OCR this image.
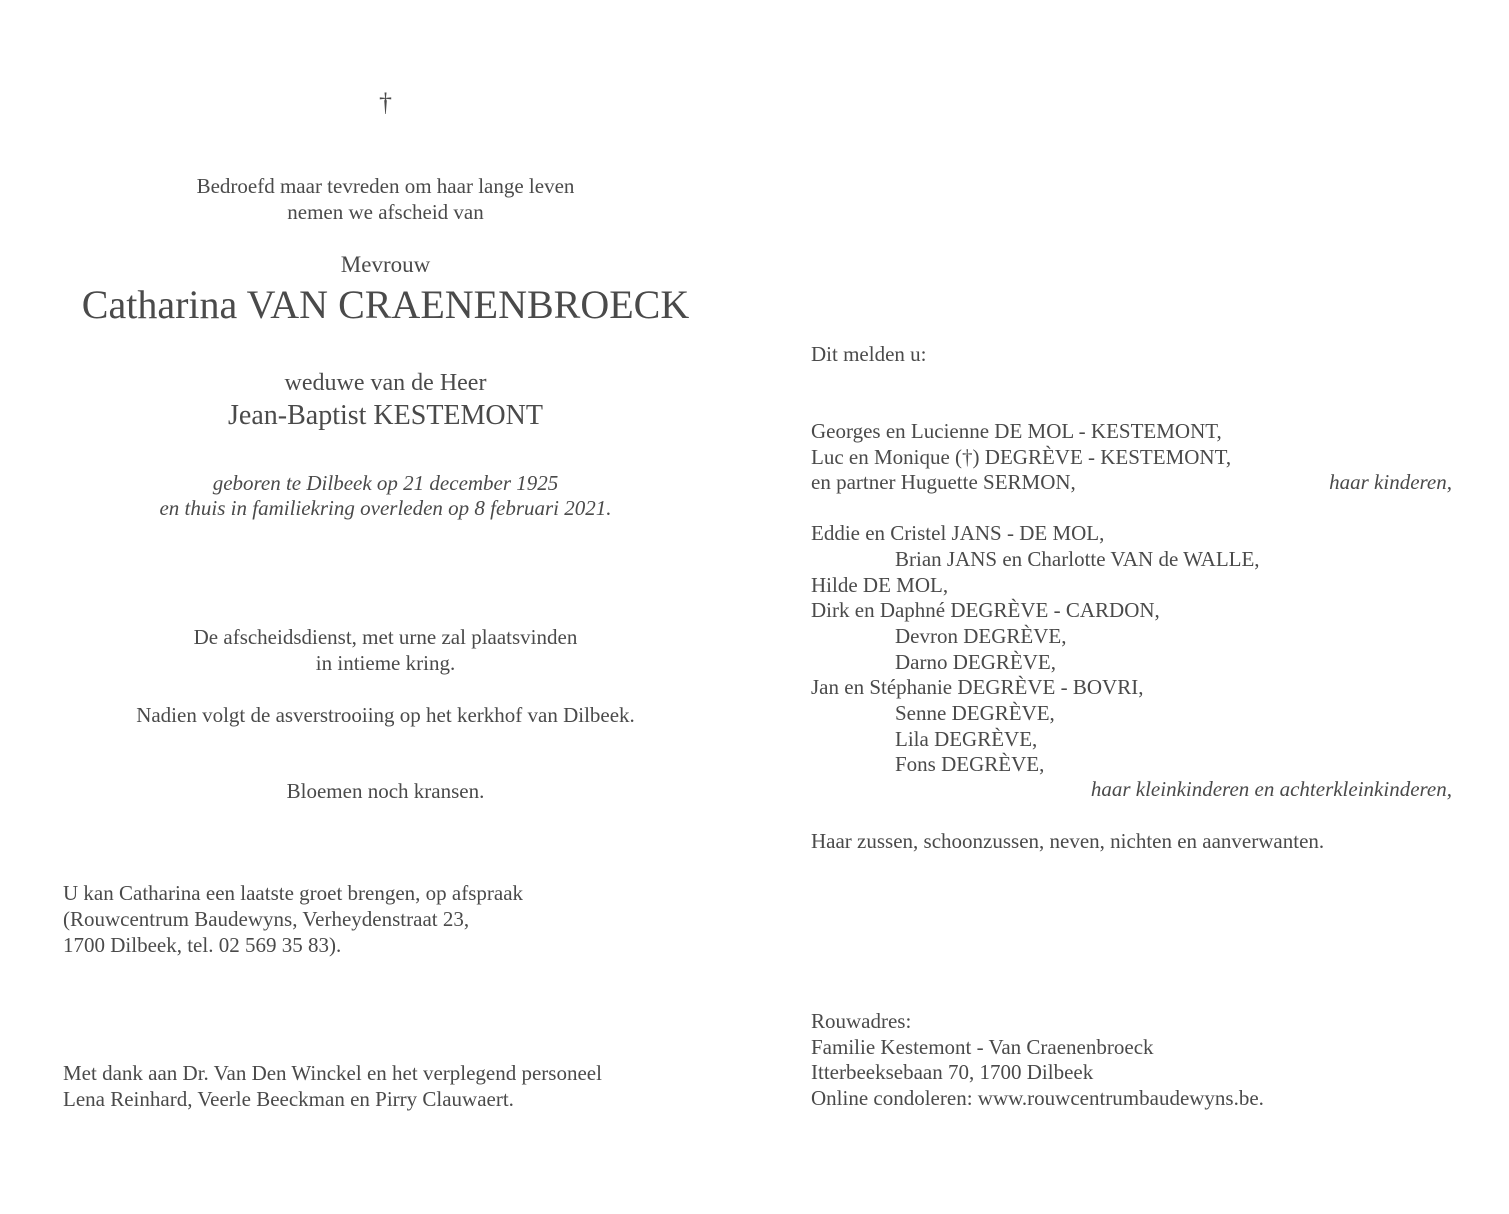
†
Bedroefd maar tevreden om haar lange leven
nemen we afscheid van
Mevrouw
Catharina VAN CRAENENBROECK
weduwe van de Heer
Jean-Baptist KESTEMONT
geboren te Dilbeek op 21 december 1925
en thuis in familiekring overleden op 8 februari 2021.
De afscheidsdienst, met urne zal plaatsvinden
in intieme kring.
Nadien volgt de asverstrooiing op het kerkhof van Dilbeek.
Bloemen noch kransen.
U kan Catharina een laatste groet brengen, op afspraak
(Rouwcentrum Baudewyns, Verheydenstraat 23,
1700 Dilbeek, tel. 02 569 35 83).
Met dank aan Dr. Van Den Winckel en het verplegend personeel
Lena Reinhard, Veerle Beeckman en Pirry Clauwaert.
Dit melden u:
Georges en Lucienne DE MOL - KESTEMONT,
Luc en Monique (†) DEGRÈVE - KESTEMONT,
en partner Huguette SERMON,	haar kinderen,
Eddie en Cristel JANS - DE MOL,
Brian JANS en Charlotte VAN de WALLE,
Hilde DE MOL,
Dirk en Daphné DEGRÈVE - CARDON,
Devron DEGRÈVE,
Darno DEGRÈVE,
Jan en Stéphanie DEGRÈVE - BOVRI,
Senne DEGRÈVE,
Lila DEGRÈVE,
Fons DEGRÈVE,
haar kleinkinderen en achterkleinkinderen,
Haar zussen, schoonzussen, neven, nichten en aanverwanten.
Rouwadres:
Familie Kestemont - Van Craenenbroeck
Itterbeeksebaan 70, 1700 Dilbeek
Online condoleren: www.rouwcentrumbaudewyns.be.
